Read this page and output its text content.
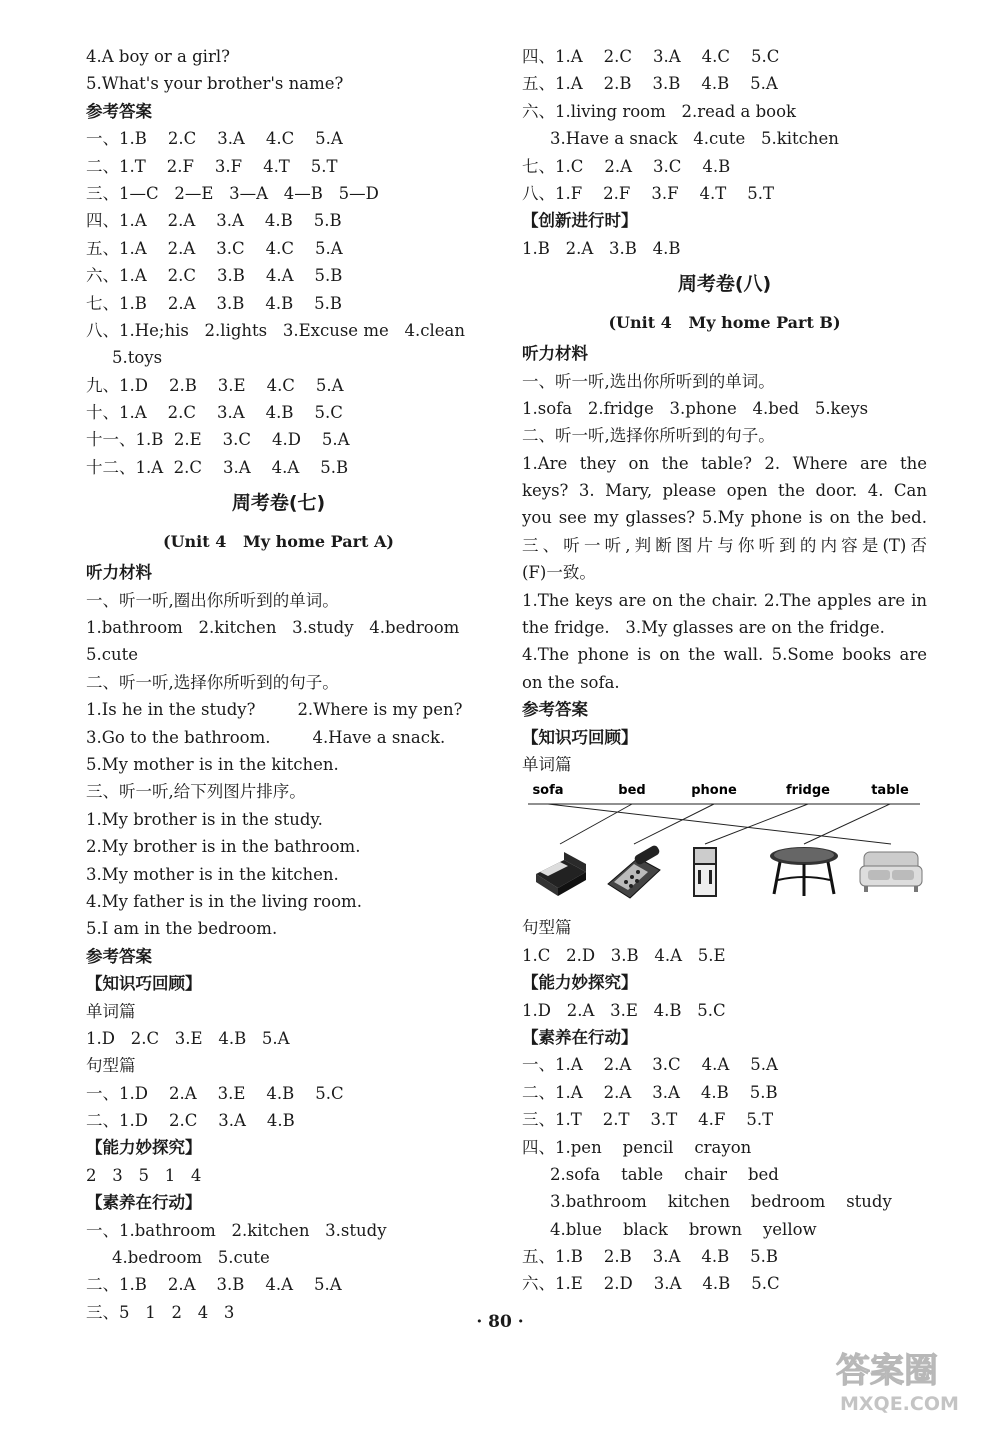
4.A boy or a girl?
5.What's your brother's name?
参考答案
一、1.B    2.C    3.A    4.C    5.A
二、1.T    2.F    3.F    4.T    5.T
三、1—C   2—E   3—A   4—B   5—D
四、1.A    2.A    3.A    4.B    5.B
五、1.A    2.A    3.C    4.C    5.A
六、1.A    2.C    3.B    4.A    5.B
七、1.B    2.A    3.B    4.B    5.B
八、1.He;his   2.lights   3.Excuse me   4.clean
5.toys
九、1.D    2.B    3.E    4.C    5.A
十、1.A    2.C    3.A    4.B    5.C
十一、1.B  2.E    3.C    4.D    5.A
十二、1.A  2.C    3.A    4.A    5.B
周考卷(七)
(Unit 4   My home Part A)
听力材料
一、听一听,圈出你所听到的单词。
1.bathroom   2.kitchen   3.study   4.bedroom
5.cute
二、听一听,选择你所听到的句子。
1.Is he in the study?        2.Where is my pen?
3.Go to the bathroom.        4.Have a snack.
5.My mother is in the kitchen.
三、听一听,给下列图片排序。
1.My brother is in the study.
2.My brother is in the bathroom.
3.My mother is in the kitchen.
4.My father is in the living room.
5.I am in the bedroom.
参考答案
【知识巧回顾】
单词篇
1.D   2.C   3.E   4.B   5.A
句型篇
一、1.D    2.A    3.E    4.B    5.C
二、1.D    2.C    3.A    4.B
【能力妙探究】
2   3   5   1   4
【素养在行动】
一、1.bathroom   2.kitchen   3.study
4.bedroom   5.cute
二、1.B    2.A    3.B    4.A    5.A
三、5   1   2   4   3
四、1.A    2.C    3.A    4.C    5.C
五、1.A    2.B    3.B    4.B    5.A
六、1.living room   2.read a book
3.Have a snack   4.cute   5.kitchen
七、1.C    2.A    3.C    4.B
八、1.F    2.F    3.F    4.T    5.T
【创新进行时】
1.B   2.A   3.B   4.B
周考卷(八)
(Unit 4   My home Part B)
听力材料
一、听一听,选出你所听到的单词。
1.sofa   2.fridge   3.phone   4.bed   5.keys
二、听一听,选择你所听到的句子。
1.Are they on the table? 2. Where are the
keys? 3. Mary, please open the door. 4. Can
you see my glasses? 5.My phone is on the bed.
三、听一听,判断图片与你听到的内容是(T)否
(F)一致。
1.The keys are on the chair. 2.The apples are in
the fridge.   3.My glasses are on the fridge.
4.The phone is on the wall. 5.Some books are
on the sofa.
参考答案
【知识巧回顾】
单词篇
sofa	bed	phone	fridge	table
句型篇
1.C   2.D   3.B   4.A   5.E
【能力妙探究】
1.D   2.A   3.E   4.B   5.C
【素养在行动】
一、1.A    2.A    3.C    4.A    5.A
二、1.A    2.A    3.A    4.B    5.B
三、1.T    2.T    3.T    4.F    5.T
四、1.pen    pencil    crayon
2.sofa    table    chair    bed
3.bathroom    kitchen    bedroom    study
4.blue    black    brown    yellow
五、1.B    2.B    3.A    4.B    5.B
六、1.E    2.D    3.A    4.B    5.C
· 80 ·
答案圈
MXQE.COM
